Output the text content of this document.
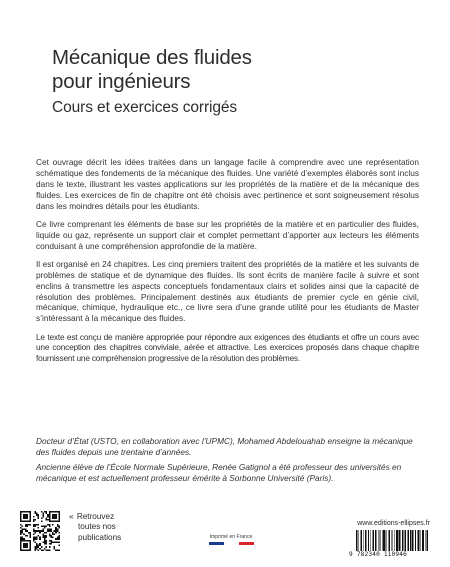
Mécanique des fluides
pour ingénieurs
Cours et exercices corrigés

Cet ouvrage décrit les idées traitées dans un langage facile à comprendre avec une représentation schématique des fondements de la mécanique des fluides. Une variété d’exemples élaborés sont inclus dans le texte, illustrant les vastes applications sur les propriétés de la matière et de la mécanique des fluides. Les exercices de fin de chapitre ont été choisis avec pertinence et sont soigneusement résolus dans les moindres détails pour les étudiants.

Ce livre comprenant les éléments de base sur les propriétés de la matière et en particulier des fluides, liquide ou gaz, représente un support clair et complet permettant d’apporter aux lecteurs les éléments conduisant à une compréhension approfondie de la matière.

Il est organisé en 24 chapitres. Les cinq premiers traitent des propriétés de la matière et les suivants de problèmes de statique et de dynamique des fluides. Ils sont écrits de manière facile à suivre et sont enclins à transmettre les aspects conceptuels fondamentaux clairs et solides ainsi que la capacité de résolution des problèmes. Principalement destinés aux étudiants de premier cycle en génie civil, mécanique, chimique, hydraulique etc., ce livre sera d’une grande utilité pour les étudiants de Master s’intéressant à la mécanique des fluides.

Le texte est conçu de manière appropriée pour répondre aux exigences des étudiants et offre un cours avec une conception des chapitres conviviale, aérée et attractive. Les exercices proposés dans chaque chapitre fournissent une compréhension progressive de la résolution des problèmes.

Docteur d’État (USTO, en collaboration avec l’UPMC), Mohamed Abdelouahab enseigne la mécanique des fluides depuis une trentaine d’années.

Ancienne élève de l’École Normale Supérieure, Renée Gatignol a été professeur des universités en mécanique et est actuellement professeur émérite à Sorbonne Université (Paris).

« Retrouvez
toutes nos
publications	Imprimé en France
www.editions-ellipses.fr
9 782340 110946
